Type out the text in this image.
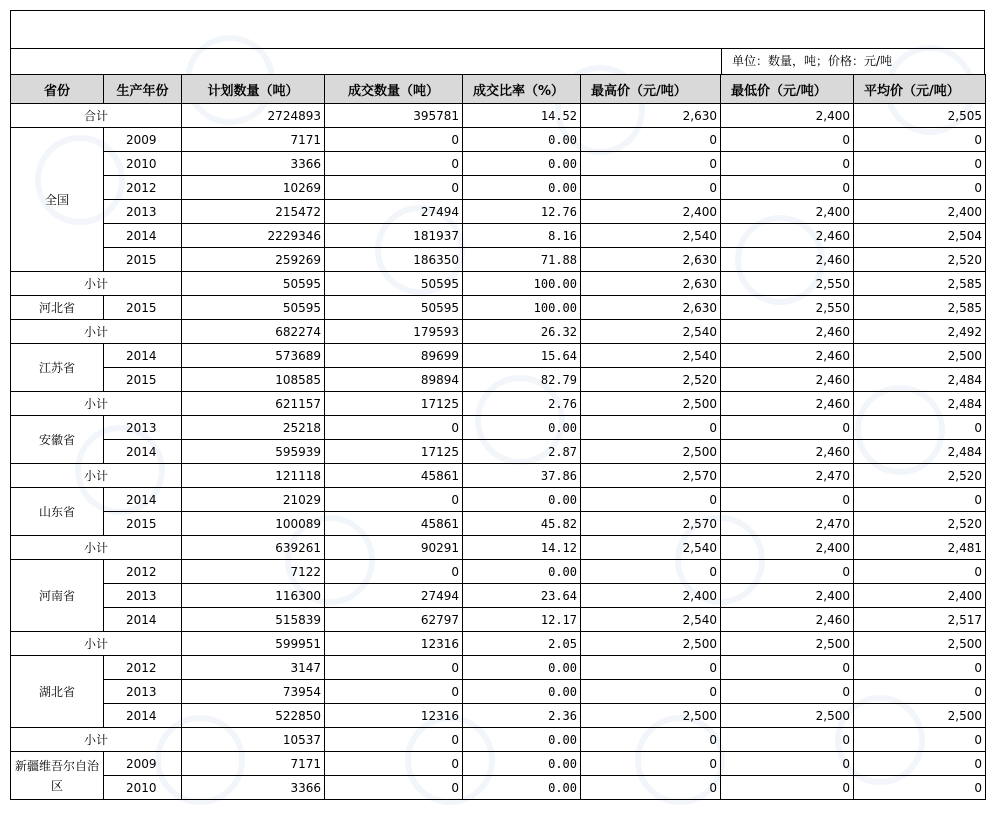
单位：数量，吨；价格：元/吨
省份	生产年份	计划数量（吨）	成交数量（吨）	成交比率（%）	最高价（元/吨）	最低价（元/吨）	平均价（元/吨）
合计		2724893	395781	14.52	2,630	2,400	2,505
全国	2009	7171	0	0.00	0	0	0
	2010	3366	0	0.00	0	0	0
	2012	10269	0	0.00	0	0	0
	2013	215472	27494	12.76	2,400	2,400	2,400
	2014	2229346	181937	8.16	2,540	2,460	2,504
	2015	259269	186350	71.88	2,630	2,460	2,520
小计		50595	50595	100.00	2,630	2,550	2,585
河北省	2015	50595	50595	100.00	2,630	2,550	2,585
小计		682274	179593	26.32	2,540	2,460	2,492
江苏省	2014	573689	89699	15.64	2,540	2,460	2,500
	2015	108585	89894	82.79	2,520	2,460	2,484
小计		621157	17125	2.76	2,500	2,460	2,484
安徽省	2013	25218	0	0.00	0	0	0
	2014	595939	17125	2.87	2,500	2,460	2,484
小计		121118	45861	37.86	2,570	2,470	2,520
山东省	2014	21029	0	0.00	0	0	0
	2015	100089	45861	45.82	2,570	2,470	2,520
小计		639261	90291	14.12	2,540	2,400	2,481
河南省	2012	7122	0	0.00	0	0	0
	2013	116300	27494	23.64	2,400	2,400	2,400
	2014	515839	62797	12.17	2,540	2,460	2,517
小计		599951	12316	2.05	2,500	2,500	2,500
湖北省	2012	3147	0	0.00	0	0	0
	2013	73954	0	0.00	0	0	0
	2014	522850	12316	2.36	2,500	2,500	2,500
小计		10537	0	0.00	0	0	0
新疆维吾尔自治区	2009	7171	0	0.00	0	0	0
	2010	3366	0	0.00	0	0	0
